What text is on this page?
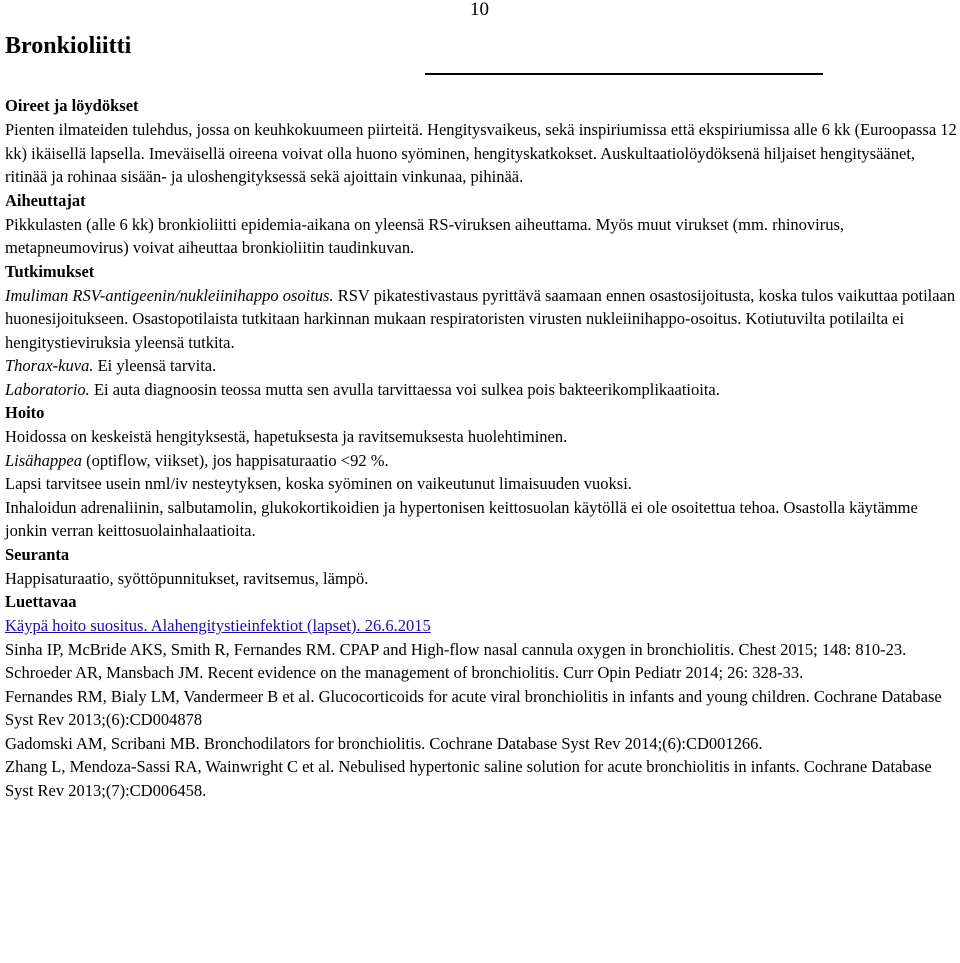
10
Bronkioliitti
Oireet ja löydökset

Pienten ilmateiden tulehdus, jossa on keuhkokuumeen piirteitä. Hengitysvaikeus, sekä inspiriumissa että ekspiriumissa alle 6 kk (Euroopassa 12 kk) ikäisellä lapsella. Imeväisellä oireena voivat olla huono syöminen, hengityskatkokset. Auskultaatiolöydöksenä hiljaiset hengitysäänet, ritinää ja rohinaa sisään- ja uloshengityksessä sekä ajoittain vinkunaa, pihinää.

Aiheuttajat

Pikkulasten (alle 6 kk) bronkioliitti epidemia-aikana on yleensä RS-viruksen aiheuttama. Myös muut virukset (mm. rhinovirus, metapneumovirus) voivat aiheuttaa bronkioliitin taudinkuvan.

Tutkimukset

Imuliman RSV-antigeenin/nukleiinihappo osoitus. RSV pikatestivastaus pyrittävä saamaan ennen osastosijoitusta, koska tulos vaikuttaa potilaan huonesijoitukseen. Osastopotilaista tutkitaan harkinnan mukaan respiratoristen virusten nukleiinihappo-osoitus. Kotiutuvilta potilailta ei hengitystieviruksia yleensä tutkita.

Thorax-kuva. Ei yleensä tarvita.

Laboratorio. Ei auta diagnoosin teossa mutta sen avulla tarvittaessa voi sulkea pois bakteerikomplikaatioita.

Hoito

Hoidossa on keskeistä hengityksestä, hapetuksesta ja ravitsemuksesta huolehtiminen.

Lisähappea (optiflow, viikset), jos happisaturaatio <92 %.

Lapsi tarvitsee usein nml/iv nesteytyksen, koska syöminen on vaikeutunut limaisuuden vuoksi.

Inhaloidun adrenaliinin, salbutamolin, glukokortikoidien ja hypertonisen keittosuolan käytöllä ei ole osoitettua tehoa. Osastolla käytämme jonkin verran keittosuolainhalaatioita.

Seuranta

Happisaturaatio, syöttöpunnitukset, ravitsemus, lämpö.

Luettavaa

Käypä hoito suositus. Alahengitystieinfektiot (lapset). 26.6.2015

Sinha IP, McBride AKS, Smith R, Fernandes RM. CPAP and High-flow nasal cannula oxygen in bronchiolitis. Chest 2015; 148: 810-23.

Schroeder AR, Mansbach JM. Recent evidence on the management of bronchiolitis. Curr Opin Pediatr 2014; 26: 328-33.

Fernandes RM, Bialy LM, Vandermeer B et al. Glucocorticoids for acute viral bronchiolitis in infants and young children. Cochrane Database Syst Rev 2013;(6):CD004878

Gadomski AM, Scribani MB. Bronchodilators for bronchiolitis. Cochrane Database Syst Rev 2014;(6):CD001266.

Zhang L, Mendoza-Sassi RA, Wainwright C et al. Nebulised hypertonic saline solution for acute bronchiolitis in infants. Cochrane Database Syst Rev 2013;(7):CD006458.
